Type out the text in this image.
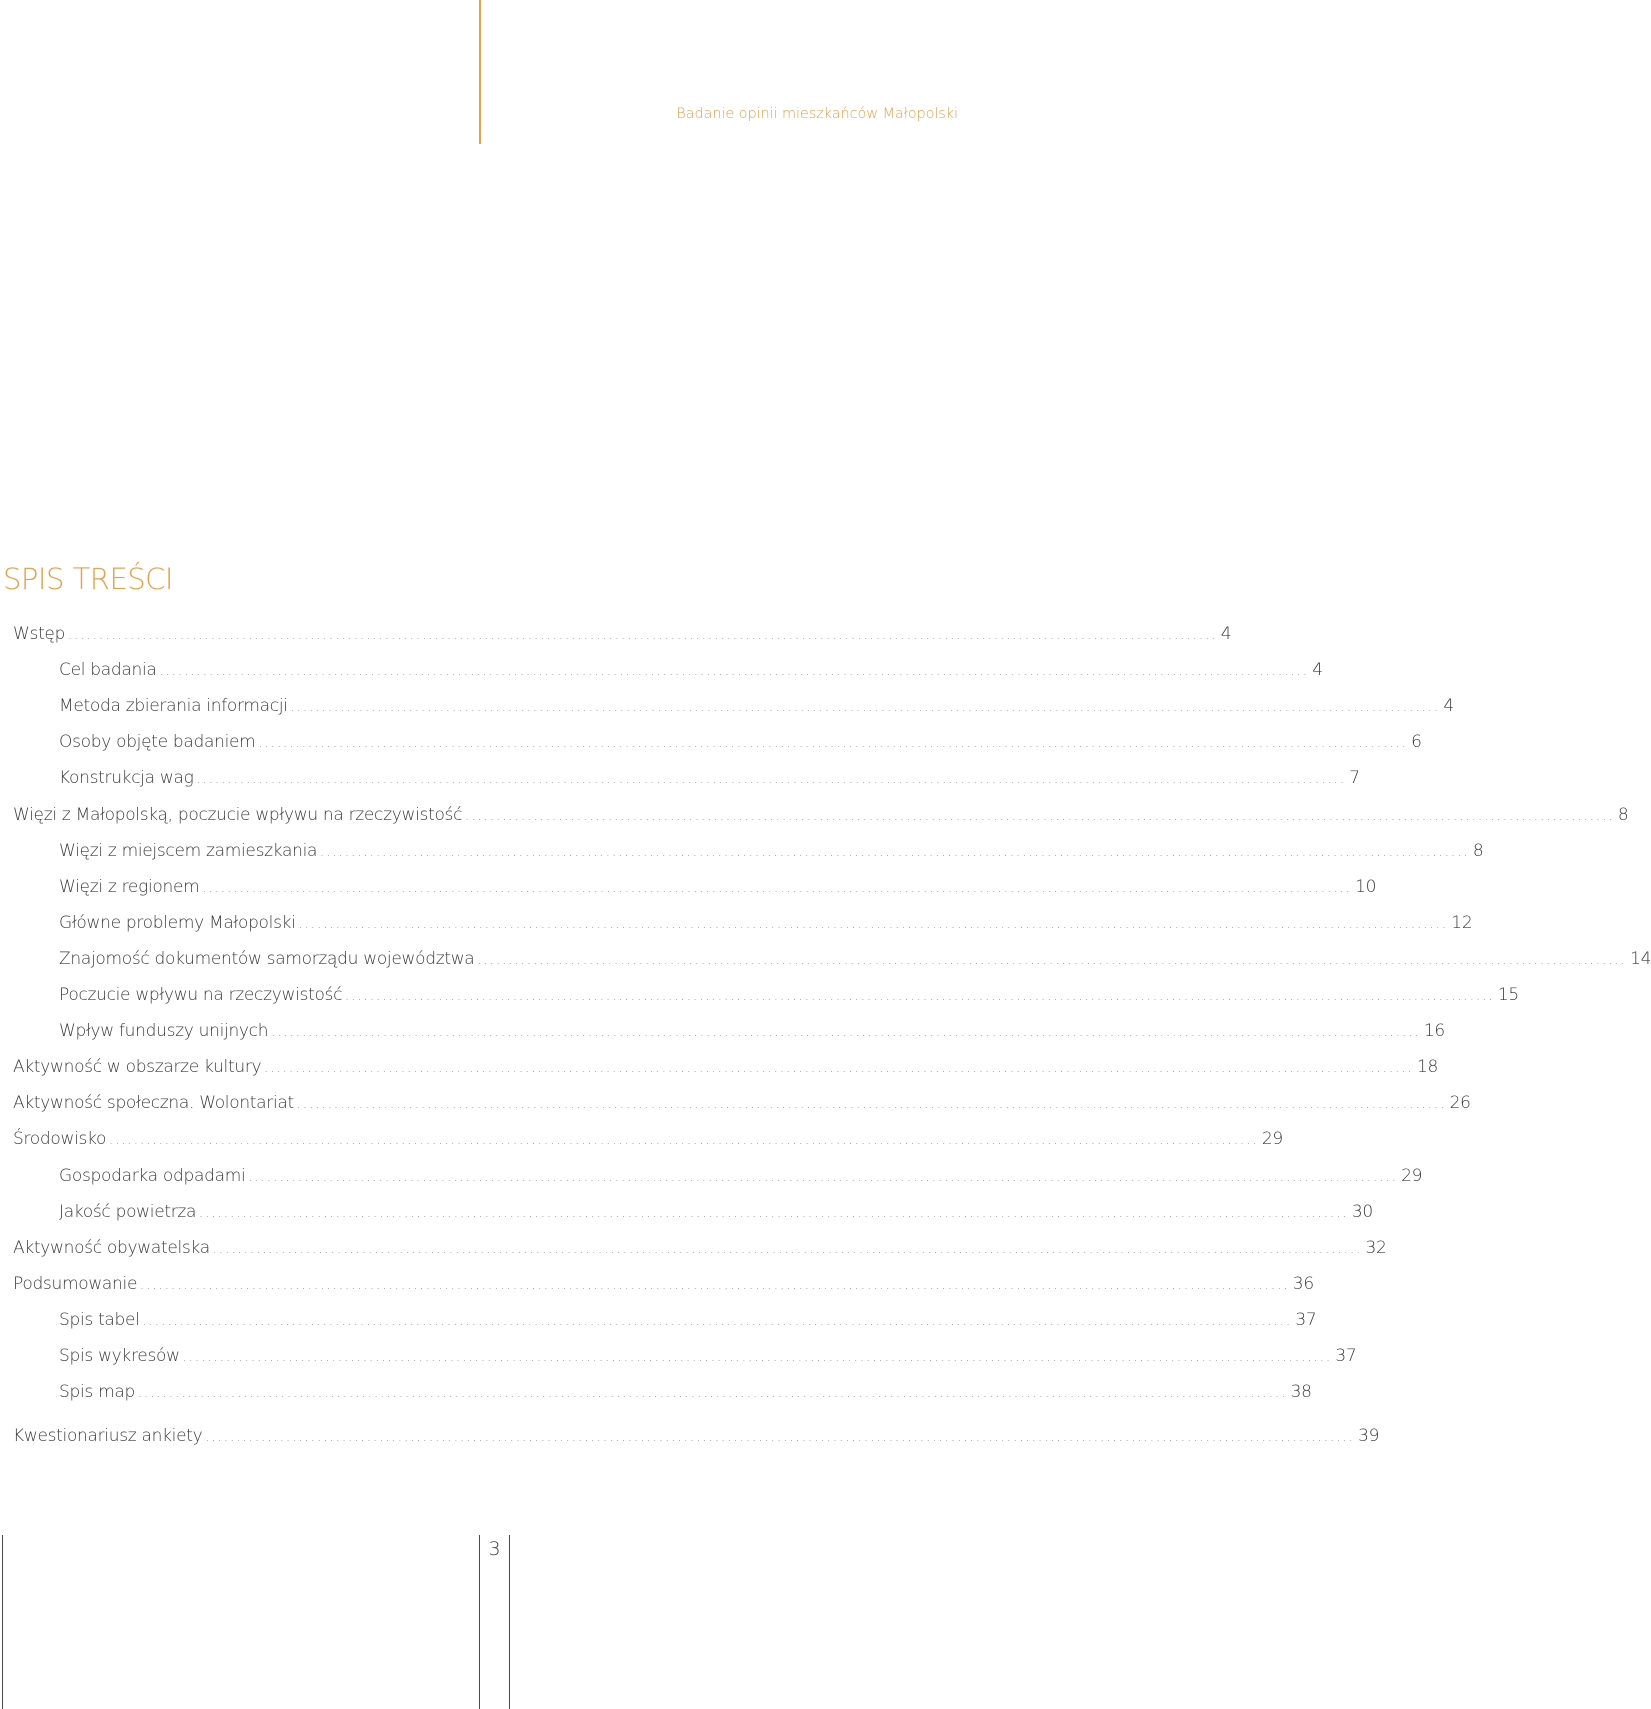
Badanie opinii mieszkańców Małopolski
SPIS TREŚCI
Wstęp ......................................................................................................................................................................................... 4
Cel badania ......................................................................................................................................................................................... 4
Metoda zbierania informacji ......................................................................................................................................................................................... 4
Osoby objęte badaniem ......................................................................................................................................................................................... 6
Konstrukcja wag ......................................................................................................................................................................................... 7
Więzi z Małopolską, poczucie wpływu na rzeczywistość ......................................................................................................................................................................................... 8
Więzi z miejscem zamieszkania ......................................................................................................................................................................................... 8
Więzi z regionem ......................................................................................................................................................................................... 10
Główne problemy Małopolski ......................................................................................................................................................................................... 12
Znajomość dokumentów samorządu województwa ......................................................................................................................................................................................... 14
Poczucie wpływu na rzeczywistość ......................................................................................................................................................................................... 15
Wpływ funduszy unijnych ......................................................................................................................................................................................... 16
Aktywność w obszarze kultury ......................................................................................................................................................................................... 18
Aktywność społeczna. Wolontariat ......................................................................................................................................................................................... 26
Środowisko ......................................................................................................................................................................................... 29
Gospodarka odpadami ......................................................................................................................................................................................... 29
Jakość powietrza ......................................................................................................................................................................................... 30
Aktywność obywatelska ......................................................................................................................................................................................... 32
Podsumowanie ......................................................................................................................................................................................... 36
Spis tabel ......................................................................................................................................................................................... 37
Spis wykresów ......................................................................................................................................................................................... 37
Spis map ......................................................................................................................................................................................... 38
Kwestionariusz ankiety ......................................................................................................................................................................................... 39
3
